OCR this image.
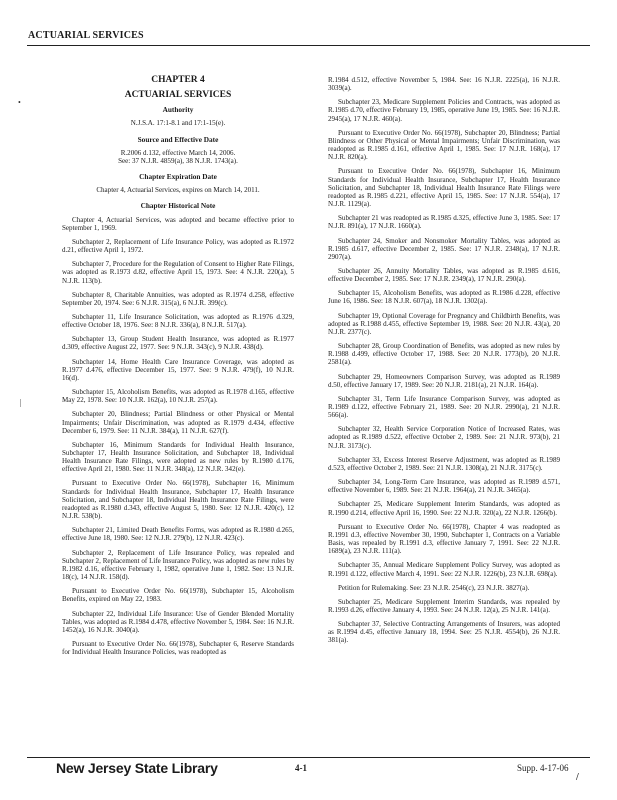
ACTUARIAL SERVICES
•
|
/
CHAPTER 4
ACTUARIAL SERVICES
Authority
N.J.S.A. 17:1-8.1 and 17:1-15(e).
Source and Effective Date
R.2006 d.132, effective March 14, 2006.
See: 37 N.J.R. 4859(a), 38 N.J.R. 1743(a).
Chapter Expiration Date
Chapter 4, Actuarial Services, expires on March 14, 2011.
Chapter Historical Note

Chapter 4, Actuarial Services, was adopted and became effective prior to September 1, 1969.

Subchapter 2, Replacement of Life Insurance Policy, was adopted as R.1972 d.21, effective April 1, 1972.

Subchapter 7, Procedure for the Regulation of Consent to Higher Rate Filings, was adopted as R.1973 d.82, effective April 15, 1973. See: 4 N.J.R. 220(a), 5 N.J.R. 113(b).

Subchapter 8, Charitable Annuities, was adopted as R.1974 d.258, effective September 20, 1974. See: 6 N.J.R. 315(a), 6 N.J.R. 399(c).

Subchapter 11, Life Insurance Solicitation, was adopted as R.1976 d.329, effective October 18, 1976. See: 8 N.J.R. 336(a), 8 N.J.R. 517(a).

Subchapter 13, Group Student Health Insurance, was adopted as R.1977 d.309, effective August 22, 1977. See: 9 N.J.R. 343(c), 9 N.J.R. 438(d).

Subchapter 14, Home Health Care Insurance Coverage, was adopted as R.1977 d.476, effective December 15, 1977. See: 9 N.J.R. 479(f), 10 N.J.R. 16(d).

Subchapter 15, Alcoholism Benefits, was adopted as R.1978 d.165, effective May 22, 1978. See: 10 N.J.R. 162(a), 10 N.J.R. 257(a).

Subchapter 20, Blindness; Partial Blindness or other Physical or Mental Impairments; Unfair Discrimination, was adopted as R.1979 d.434, effective December 6, 1979. See: 11 N.J.R. 384(a), 11 N.J.R. 627(f).

Subchapter 16, Minimum Standards for Individual Health Insurance, Subchapter 17, Health Insurance Solicitation, and Subchapter 18, Individual Health Insurance Rate Filings, were adopted as new rules by R.1980 d.176, effective April 21, 1980. See: 11 N.J.R. 348(a), 12 N.J.R. 342(e).

Pursuant to Executive Order No. 66(1978), Subchapter 16, Minimum Standards for Individual Health Insurance, Subchapter 17, Health Insurance Solicitation, and Subchapter 18, Individual Health Insurance Rate Filings, were readopted as R.1980 d.343, effective August 5, 1980. See: 12 N.J.R. 420(c), 12 N.J.R. 538(b).

Subchapter 21, Limited Death Benefits Forms, was adopted as R.1980 d.265, effective June 18, 1980. See: 12 N.J.R. 279(b), 12 N.J.R. 423(c).

Subchapter 2, Replacement of Life Insurance Policy, was repealed and Subchapter 2, Replacement of Life Insurance Policy, was adopted as new rules by R.1982 d.16, effective February 1, 1982, operative June 1, 1982. See: 13 N.J.R. 18(c), 14 N.J.R. 158(d).

Pursuant to Executive Order No. 66(1978), Subchapter 15, Alcoholism Benefits, expired on May 22, 1983.

Subchapter 22, Individual Life Insurance: Use of Gender Blended Mortality Tables, was adopted as R.1984 d.478, effective November 5, 1984. See: 16 N.J.R. 1452(a), 16 N.J.R. 3040(a).

Pursuant to Executive Order No. 66(1978), Subchapter 6, Reserve Standards for Individual Health Insurance Policies, was readopted as

R.1984 d.512, effective November 5, 1984. See: 16 N.J.R. 2225(a), 16 N.J.R. 3039(a).

Subchapter 23, Medicare Supplement Policies and Contracts, was adopted as R.1985 d.70, effective February 19, 1985, operative June 19, 1985. See: 16 N.J.R. 2945(a), 17 N.J.R. 460(a).

Pursuant to Executive Order No. 66(1978), Subchapter 20, Blindness; Partial Blindness or Other Physical or Mental Impairments; Unfair Discrimination, was readopted as R.1985 d.161, effective April 1, 1985. See: 17 N.J.R. 168(a), 17 N.J.R. 820(a).

Pursuant to Executive Order No. 66(1978), Subchapter 16, Minimum Standards for Individual Health Insurance, Subchapter 17, Health Insurance Solicitation, and Subchapter 18, Individual Health Insurance Rate Filings were readopted as R.1985 d.221, effective April 15, 1985. See: 17 N.J.R. 554(a), 17 N.J.R. 1129(a).

Subchapter 21 was readopted as R.1985 d.325, effective June 3, 1985. See: 17 N.J.R. 891(a), 17 N.J.R. 1660(a).

Subchapter 24, Smoker and Nonsmoker Mortality Tables, was adopted as R.1985 d.617, effective December 2, 1985. See: 17 N.J.R. 2348(a), 17 N.J.R. 2907(a).

Subchapter 26, Annuity Mortality Tables, was adopted as R.1985 d.616, effective December 2, 1985. See: 17 N.J.R. 2349(a), 17 N.J.R. 290(a).

Subchapter 15, Alcoholism Benefits, was adopted as R.1986 d.228, effective June 16, 1986. See: 18 N.J.R. 607(a), 18 N.J.R. 1302(a).

Subchapter 19, Optional Coverage for Pregnancy and Childbirth Benefits, was adopted as R.1988 d.455, effective September 19, 1988. See: 20 N.J.R. 43(a), 20 N.J.R. 2377(c).

Subchapter 28, Group Coordination of Benefits, was adopted as new rules by R.1988 d.499, effective October 17, 1988. See: 20 N.J.R. 1773(b), 20 N.J.R. 2581(a).

Subchapter 29, Homeowners Comparison Survey, was adopted as R.1989 d.50, effective January 17, 1989. See: 20 N.J.R. 2181(a), 21 N.J.R. 164(a).

Subchapter 31, Term Life Insurance Comparison Survey, was adopted as R.1989 d.122, effective February 21, 1989. See: 20 N.J.R. 2990(a), 21 N.J.R. 566(a).

Subchapter 32, Health Service Corporation Notice of Increased Rates, was adopted as R.1989 d.522, effective October 2, 1989. See: 21 N.J.R. 973(b), 21 N.J.R. 3173(c).

Subchapter 33, Excess Interest Reserve Adjustment, was adopted as R.1989 d.523, effective October 2, 1989. See: 21 N.J.R. 1308(a), 21 N.J.R. 3175(c).

Subchapter 34, Long-Term Care Insurance, was adopted as R.1989 d.571, effective November 6, 1989. See: 21 N.J.R. 1964(a), 21 N.J.R. 3465(a).

Subchapter 25, Medicare Supplement Interim Standards, was adopted as R.1990 d.214, effective April 16, 1990. See: 22 N.J.R. 320(a), 22 N.J.R. 1266(b).

Pursuant to Executive Order No. 66(1978), Chapter 4 was readopted as R.1991 d.3, effective November 30, 1990, Subchapter 1, Contracts on a Variable Basis, was repealed by R.1991 d.3, effective January 7, 1991. See: 22 N.J.R. 1689(a), 23 N.J.R. 111(a).

Subchapter 35, Annual Medicare Supplement Policy Survey, was adopted as R.1991 d.122, effective March 4, 1991. See: 22 N.J.R. 1226(b), 23 N.J.R. 698(a).

Petition for Rulemaking. See: 23 N.J.R. 2546(c), 23 N.J.R. 3827(a).

Subchapter 25, Medicare Supplement Interim Standards, was repealed by R.1993 d.26, effective January 4, 1993. See: 24 N.J.R. 12(a), 25 N.J.R. 141(a).

Subchapter 37, Selective Contracting Arrangements of Insurers, was adopted as R.1994 d.45, effective January 18, 1994. See: 25 N.J.R. 4554(b), 26 N.J.R. 381(a).

New Jersey State Library	4-1	Supp. 4-17-06
